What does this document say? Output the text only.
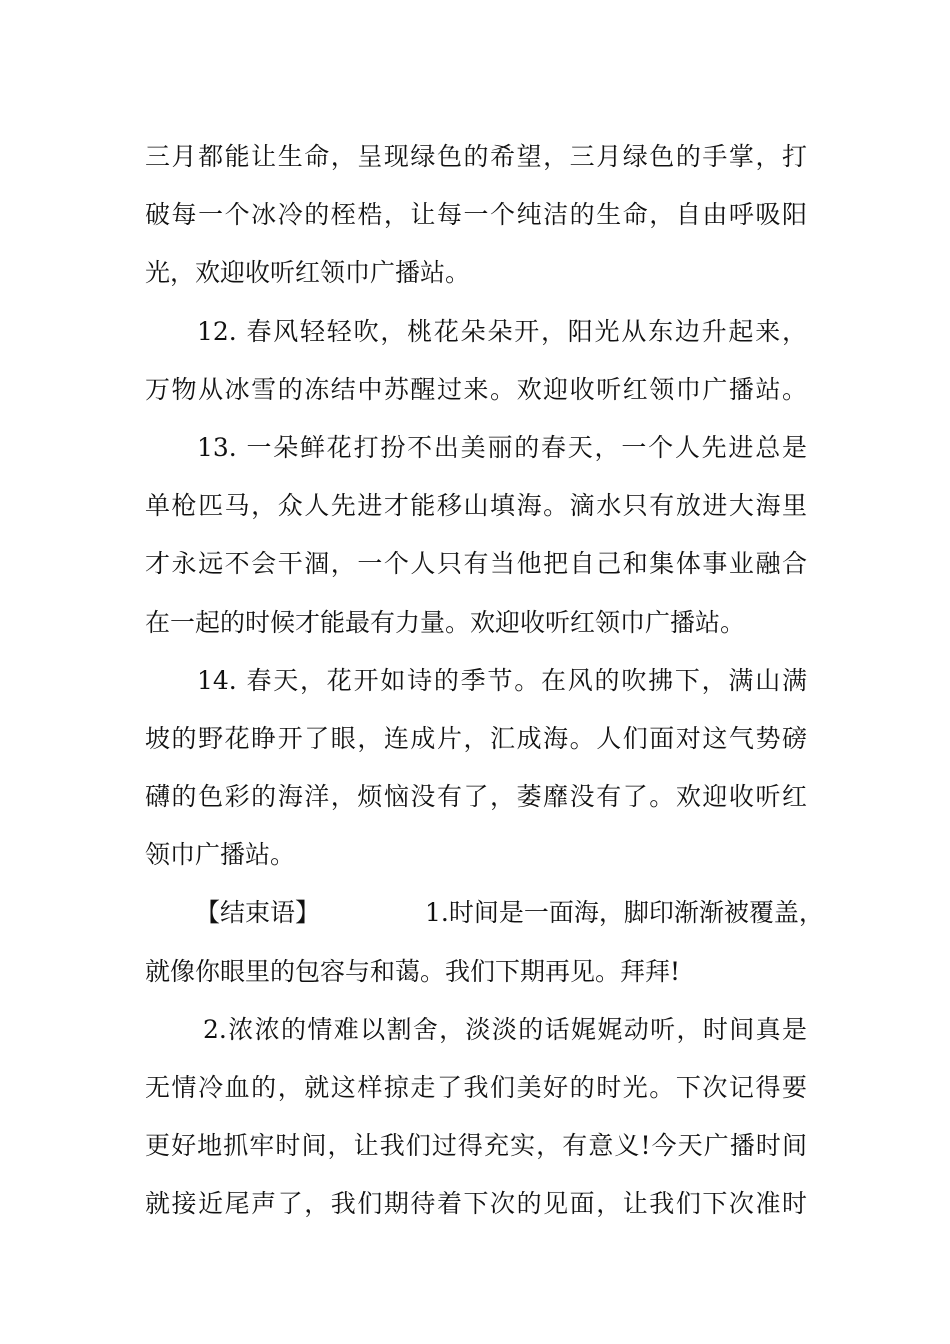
三月都能让生命，呈现绿色的希望，三月绿色的手掌，打
破每一个冰冷的桎梏，让每一个纯洁的生命，自由呼吸阳
光，欢迎收听红领巾广播站。
12. 春风轻轻吹，桃花朵朵开，阳光从东边升起来，
万物从冰雪的冻结中苏醒过来。欢迎收听红领巾广播站。
13. 一朵鲜花打扮不出美丽的春天，一个人先进总是
单枪匹马，众人先进才能移山填海。滴水只有放进大海里
才永远不会干涸，一个人只有当他把自己和集体事业融合
在一起的时候才能最有力量。欢迎收听红领巾广播站。
14. 春天，花开如诗的季节。在风的吹拂下，满山满
坡的野花睁开了眼，连成片，汇成海。人们面对这气势磅
礴的色彩的海洋，烦恼没有了，萎靡没有了。欢迎收听红
领巾广播站。
【结束语】	1.时间是一面海，脚印渐渐被覆盖，
就像你眼里的包容与和蔼。我们下期再见。拜拜!
2.浓浓的情难以割舍，淡淡的话娓娓动听，时间真是
无情冷血的，就这样掠走了我们美好的时光。下次记得要
更好地抓牢时间，让我们过得充实，有意义!今天广播时间
就接近尾声了，我们期待着下次的见面，让我们下次准时
